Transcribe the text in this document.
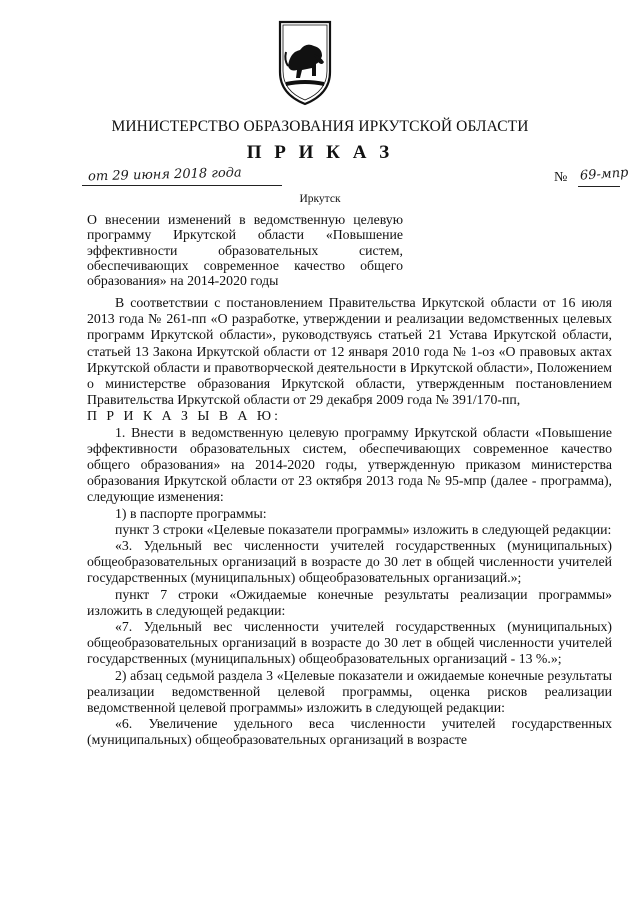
МИНИСТЕРСТВО ОБРАЗОВАНИЯ ИРКУТСКОЙ ОБЛАСТИ
П Р И К А З
от 29 июня 2018 года	№ 69-мпр
Иркутск
О внесении изменений в ведомственную целевую программу Иркутской области «Повышение эффективности образовательных систем, обеспечивающих современное качество общего образования» на 2014-2020 годы

В соответствии с постановлением Правительства Иркутской области от 16 июля 2013 года № 261-пп «О разработке, утверждении и реализации ведомственных целевых программ Иркутской области», руководствуясь статьей 21 Устава Иркутской области, статьей 13 Закона Иркутской области от 12 января 2010 года № 1-оз «О правовых актах Иркутской области и правотворческой деятельности в Иркутской области», Положением о министерстве образования Иркутской области, утвержденным постановлением Правительства Иркутской области от 29 декабря 2009 года № 391/170-пп,

П Р И К А З Ы В А Ю:

1. Внести в ведомственную целевую программу Иркутской области «Повышение эффективности образовательных систем, обеспечивающих современное качество общего образования» на 2014-2020 годы, утвержденную приказом министерства образования Иркутской области от 23 октября 2013 года № 95-мпр (далее - программа), следующие изменения:

1) в паспорте программы:

пункт 3 строки «Целевые показатели программы» изложить в следующей редакции:

«3. Удельный вес численности учителей государственных (муниципальных) общеобразовательных организаций в возрасте до 30 лет в общей численности учителей государственных (муниципальных) общеобразовательных организаций.»;

пункт 7 строки «Ожидаемые конечные результаты реализации программы» изложить в следующей редакции:

«7. Удельный вес численности учителей государственных (муниципальных) общеобразовательных организаций в возрасте до 30 лет в общей численности учителей государственных (муниципальных) общеобразовательных организаций - 13 %.»;

2) абзац седьмой раздела 3 «Целевые показатели и ожидаемые конечные результаты реализации ведомственной целевой программы, оценка рисков реализации ведомственной целевой программы» изложить в следующей редакции:

«6. Увеличение удельного веса численности учителей государственных (муниципальных) общеобразовательных организаций в возрасте
